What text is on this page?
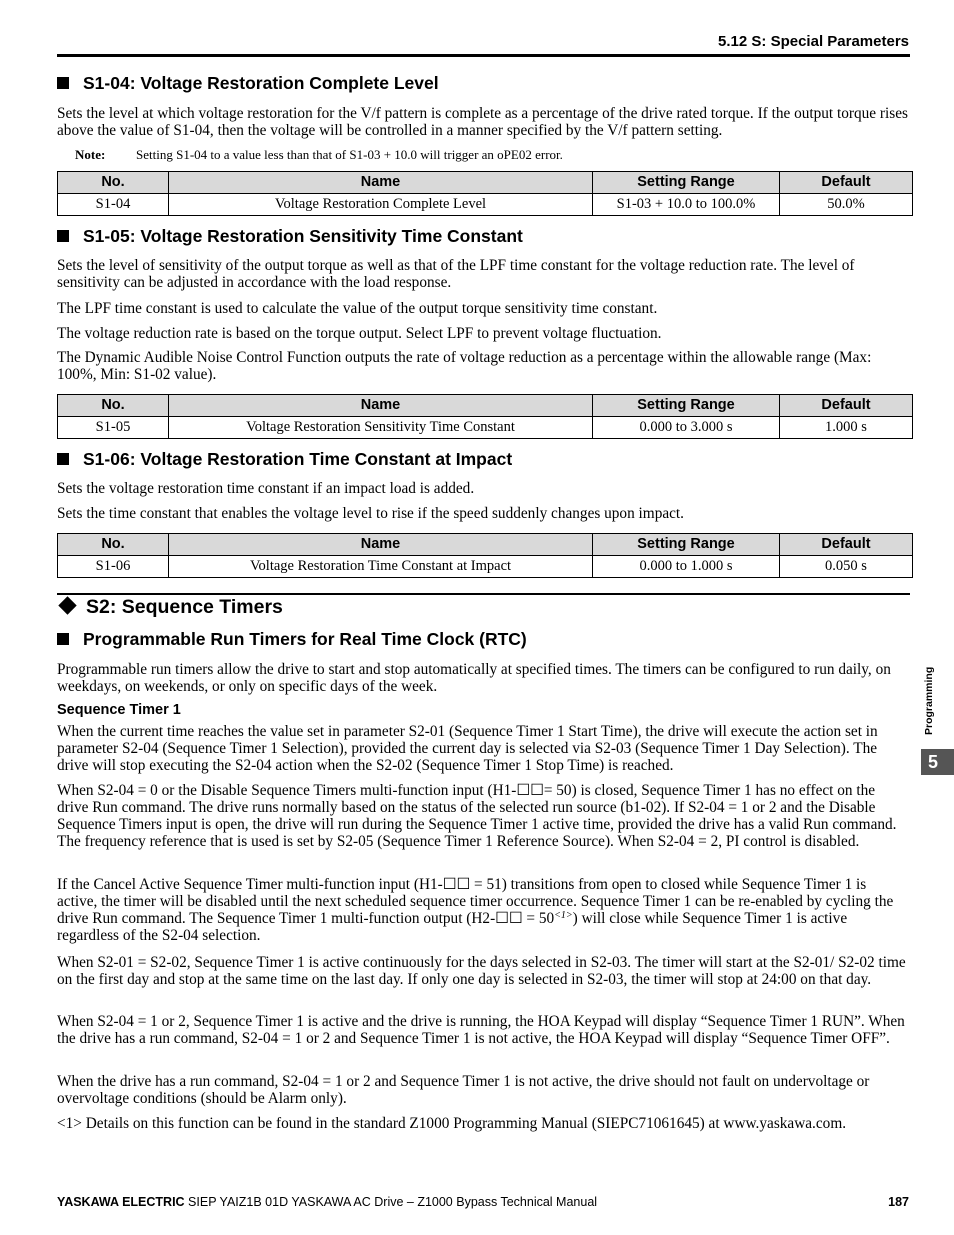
5.12 S: Special Parameters
S1-04: Voltage Restoration Complete Level

Sets the level at which voltage restoration for the V/f pattern is complete as a percentage of the drive rated torque. If the output torque rises above the value of S1-04, then the voltage will be controlled in a manner specified by the V/f pattern setting.

Note: Setting S1-04 to a value less than that of S1-03 + 10.0 will trigger an oPE02 error.
No.	Name	Setting Range	Default
S1-04	Voltage Restoration Complete Level	S1-03 + 10.0 to 100.0%	50.0%
S1-05: Voltage Restoration Sensitivity Time Constant

Sets the level of sensitivity of the output torque as well as that of the LPF time constant for the voltage reduction rate. The level of sensitivity can be adjusted in accordance with the load response.

The LPF time constant is used to calculate the value of the output torque sensitivity time constant.

The voltage reduction rate is based on the torque output. Select LPF to prevent voltage fluctuation.

The Dynamic Audible Noise Control Function outputs the rate of voltage reduction as a percentage within the allowable range (Max: 100%, Min: S1-02 value).

No.	Name	Setting Range	Default
S1-05	Voltage Restoration Sensitivity Time Constant	0.000 to 3.000 s	1.000 s
S1-06: Voltage Restoration Time Constant at Impact

Sets the voltage restoration time constant if an impact load is added.

Sets the time constant that enables the voltage level to rise if the speed suddenly changes upon impact.

No.	Name	Setting Range	Default
S1-06	Voltage Restoration Time Constant at Impact	0.000 to 1.000 s	0.050 s
S2: Sequence Timers
Programmable Run Timers for Real Time Clock (RTC)

Programmable run timers allow the drive to start and stop automatically at specified times. The timers can be configured to run daily, on weekdays, on weekends, or only on specific days of the week.

Sequence Timer 1

When the current time reaches the value set in parameter S2-01 (Sequence Timer 1 Start Time), the drive will execute the action set in parameter S2-04 (Sequence Timer 1 Selection), provided the current day is selected via S2-03 (Sequence Timer 1 Day Selection). The drive will stop executing the S2-04 action when the S2-02 (Sequence Timer 1 Stop Time) is reached.

When S2-04 = 0 or the Disable Sequence Timers multi-function input (H1-☐☐= 50) is closed, Sequence Timer 1 has no effect on the drive Run command. The drive runs normally based on the status of the selected run source (b1-02). If S2-04 = 1 or 2 and the Disable Sequence Timers input is open, the drive will run during the Sequence Timer 1 active time, provided the drive has a valid Run command. The frequency reference that is used is set by S2-05 (Sequence Timer 1 Reference Source). When S2-04 = 2, PI control is disabled.

If the Cancel Active Sequence Timer multi-function input (H1-☐☐ = 51) transitions from open to closed while Sequence Timer 1 is active, the timer will be disabled until the next scheduled sequence timer occurrence. Sequence Timer 1 can be re-enabled by cycling the drive Run command. The Sequence Timer 1 multi-function output (H2-☐☐ = 50$^{<1>}$) will close while Sequence Timer 1 is active regardless of the S2-04 selection.

When S2-01 = S2-02, Sequence Timer 1 is active continuously for the days selected in S2-03. The timer will start at the S2-01/ S2-02 time on the first day and stop at the same time on the last day. If only one day is selected in S2-03, the timer will stop at 24:00 on that day.

When S2-04 = 1 or 2, Sequence Timer 1 is active and the drive is running, the HOA Keypad will display “Sequence Timer 1 RUN”. When the drive has a run command, S2-04 = 1 or 2 and Sequence Timer 1 is not active, the HOA Keypad will display “Sequence Timer OFF”.

When the drive has a run command, S2-04 = 1 or 2 and Sequence Timer 1 is not active, the drive should not fault on undervoltage or overvoltage conditions (should be Alarm only).

<1> Details on this function can be found in the standard Z1000 Programming Manual (SIEPC71061645) at www.yaskawa.com.

Programming
5
YASKAWA ELECTRIC SIEP YAIZ1B 01D YASKAWA AC Drive – Z1000 Bypass Technical Manual	187
